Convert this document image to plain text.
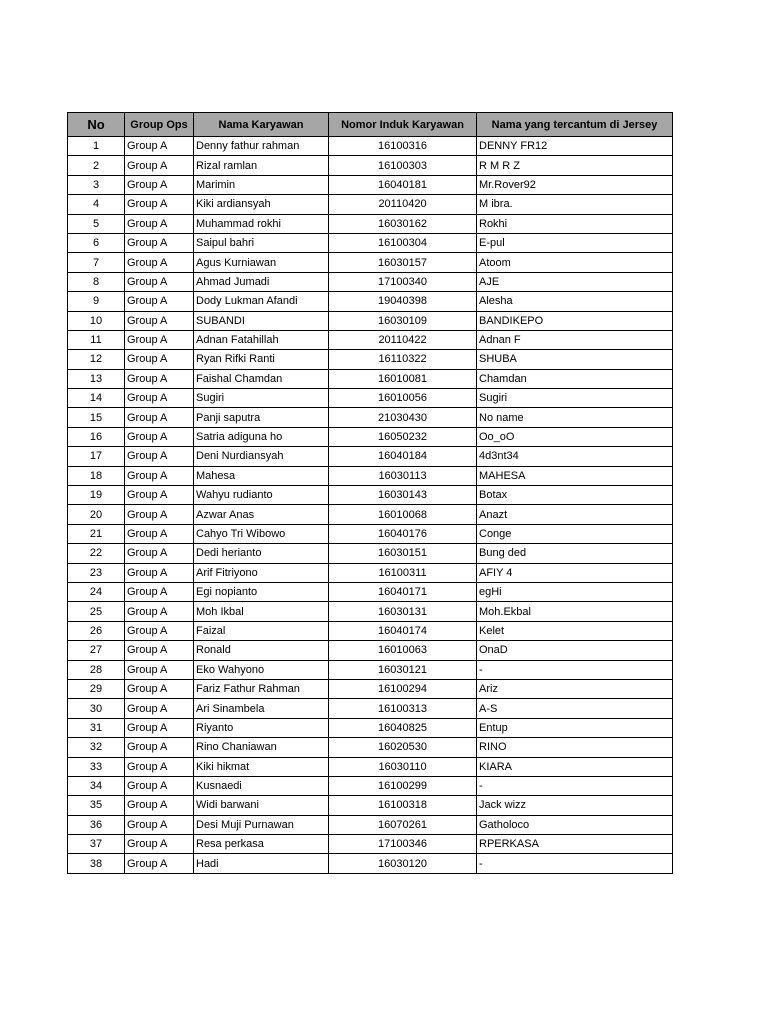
No	Group Ops	Nama Karyawan	Nomor Induk Karyawan	Nama yang tercantum di Jersey
1	Group A	Denny fathur rahman	16100316	DENNY FR12
2	Group A	Rizal ramlan	16100303	R M R Z
3	Group A	Marimin	16040181	Mr.Rover92
4	Group A	Kiki ardiansyah	20110420	M ibra.
5	Group A	Muhammad rokhi	16030162	Rokhi
6	Group A	Saipul bahri	16100304	E-pul
7	Group A	Agus Kurniawan	16030157	Atoom
8	Group A	Ahmad Jumadi	17100340	AJE
9	Group A	Dody Lukman Afandi	19040398	Alesha
10	Group A	SUBANDI	16030109	BANDIKEPO
11	Group A	Adnan Fatahillah	20110422	Adnan F
12	Group A	Ryan Rifki Ranti	16110322	SHUBA
13	Group A	Faishal Chamdan	16010081	Chamdan
14	Group A	Sugiri	16010056	Sugiri
15	Group A	Panji saputra	21030430	No name
16	Group A	Satria adiguna ho	16050232	Oo_oO
17	Group A	Deni Nurdiansyah	16040184	4d3nt34
18	Group A	Mahesa	16030113	MAHESA
19	Group A	Wahyu rudianto	16030143	Botax
20	Group A	Azwar Anas	16010068	Anazt
21	Group A	Cahyo Tri Wibowo	16040176	Conge
22	Group A	Dedi herianto	16030151	Bung ded
23	Group A	Arif Fitriyono	16100311	AFIY 4
24	Group A	Egi nopianto	16040171	egHi
25	Group A	Moh Ikbal	16030131	Moh.Ekbal
26	Group A	Faizal	16040174	Kelet
27	Group A	Ronald	16010063	OnaD
28	Group A	Eko Wahyono	16030121	-
29	Group A	Fariz Fathur Rahman	16100294	Ariz
30	Group A	Ari Sinambela	16100313	A-S
31	Group A	Riyanto	16040825	Entup
32	Group A	Rino Chaniawan	16020530	RINO
33	Group A	Kiki hikmat	16030110	KIARA
34	Group A	Kusnaedi	16100299	-
35	Group A	Widi barwani	16100318	Jack wizz
36	Group A	Desi Muji Purnawan	16070261	Gatholoco
37	Group A	Resa perkasa	17100346	RPERKASA
38	Group A	Hadi	16030120	-
